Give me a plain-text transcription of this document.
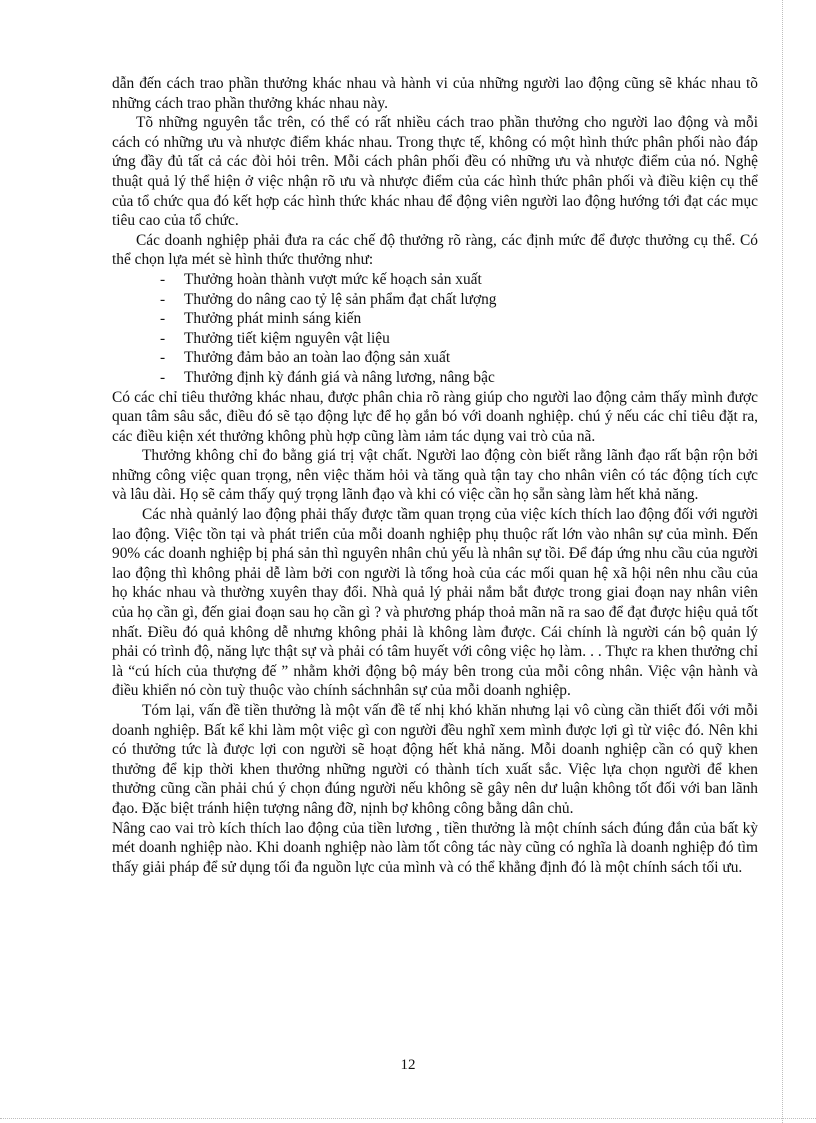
dẫn đến cách trao phần thưởng khác nhau và hành vi của những người lao động cũng sẽ khác nhau tõ những cách trao phần thưởng khác nhau này.

Tõ những nguyên tắc trên, có thể có rất nhiều cách trao phần thưởng cho người lao động và mỗi cách có những ưu và nhược điểm khác nhau. Trong thực tế, không có một hình thức phân phối nào đáp ứng đầy đủ tất cả các đòi hỏi trên. Mỗi cách phân phối đều có những ưu và nhược điểm của nó. Nghệ thuật quả lý thể hiện ở việc nhận rõ ưu và nhược điểm của các hình thức phân phối và điều kiện cụ thể của tổ chức qua đó kết hợp các hình thức khác nhau để động viên người lao động hướng tới đạt các mục tiêu cao của tổ chức.

Các doanh nghiệp phải đưa ra các chế độ thưởng rõ ràng, các định mức để được thưởng cụ thể. Có thể chọn lựa mét sè hình thức thưởng như:

- Thưởng hoàn thành vượt mức kế hoạch sản xuất
- Thưởng do nâng cao tỷ lệ sản phẩm đạt chất lượng
- Thưởng phát minh sáng kiến
- Thưởng tiết kiệm nguyên vật liệu
- Thưởng đảm bảo an toàn lao động sản xuất
- Thưởng định kỳ đánh giá và nâng lương, nâng bậc

Có các chỉ tiêu thưởng khác nhau, được phân chia rõ ràng giúp cho người lao động cảm thấy mình được quan tâm sâu sắc, điều đó sẽ tạo động lực để họ gắn bó với doanh nghiệp. chú ý nếu các chỉ tiêu đặt ra, các điều kiện xét thưởng không phù hợp cũng làm ıảm tác dụng vai trò của nã.

Thưởng không chỉ đo bằng giá trị vật chất. Người lao động còn biết rằng lãnh đạo rất bận rộn bởi những công việc quan trọng, nên việc thăm hỏi và tăng quà tận tay cho nhân viên có tác động tích cực và lâu dài. Họ sẽ cảm thấy quý trọng lãnh đạo và khi có việc cần họ sẵn sàng làm hết khả năng.

Các nhà quảnlý lao động phải thấy được tầm quan trọng của việc kích thích lao động đối với người lao động. Việc tồn tại và phát triển của mỗi doanh nghiệp phụ thuộc rất lớn vào nhân sự của mình. Đến 90% các doanh nghiệp bị phá sản thì nguyên nhân chủ yếu là nhân sự tồi. Để đáp ứng nhu cầu của người lao động thì không phải dễ làm bởi con người là tổng hoà của các mối quan hệ xã hội nên nhu cầu của họ khác nhau và thường xuyên thay đổi. Nhà quả lý phải nắm bắt được trong giai đoạn nay nhân viên của họ cần gì, đến giai đoạn sau họ cần gì ? và phương pháp thoả mãn nã ra sao để đạt được hiệu quả tốt nhất. Điều đó quả không dễ nhưng không phải là không làm được. Cái chính là người cán bộ quản lý phải có trình độ, năng lực thật sự và phải có tâm huyết với công việc họ làm. . . Thực ra khen thưởng chỉ là “cú hích của thượng đế ” nhằm khởi động bộ máy bên trong của mỗi công nhân. Việc vận hành và điều khiển nó còn tuỳ thuộc vào chính sáchnhân sự của mỗi doanh nghiệp.

Tóm lại, vấn đề tiền thưởng là một vấn đề tế nhị khó khăn nhưng lại vô cùng cần thiết đối với mỗi doanh nghiệp. Bất kể khi làm một việc gì con người đều nghĩ xem mình được lợi gì từ việc đó. Nên khi có thưởng tức là được lợi con người sẽ hoạt động hết khả năng. Mỗi doanh nghiệp cần có quỹ khen thưởng để kịp thời khen thưởng những người có thành tích xuất sắc. Việc lựa chọn người để khen thưởng cũng cần phải chú ý chọn đúng người nếu không sẽ gây nên dư luận không tốt đối với ban lãnh đạo. Đặc biệt tránh hiện tượng nâng đỡ, nịnh bợ không công bằng dân chủ.

Nâng cao vai trò kích thích lao động của tiền lương , tiền thưởng là một chính sách đúng đắn của bất kỳ mét doanh nghiệp nào. Khi doanh nghiệp nào làm tốt công tác này cũng có nghĩa là doanh nghiệp đó tìm thấy giải pháp để sử dụng tối đa nguồn lực của mình và có thể khẳng định đó là một chính sách tối ưu.

12
